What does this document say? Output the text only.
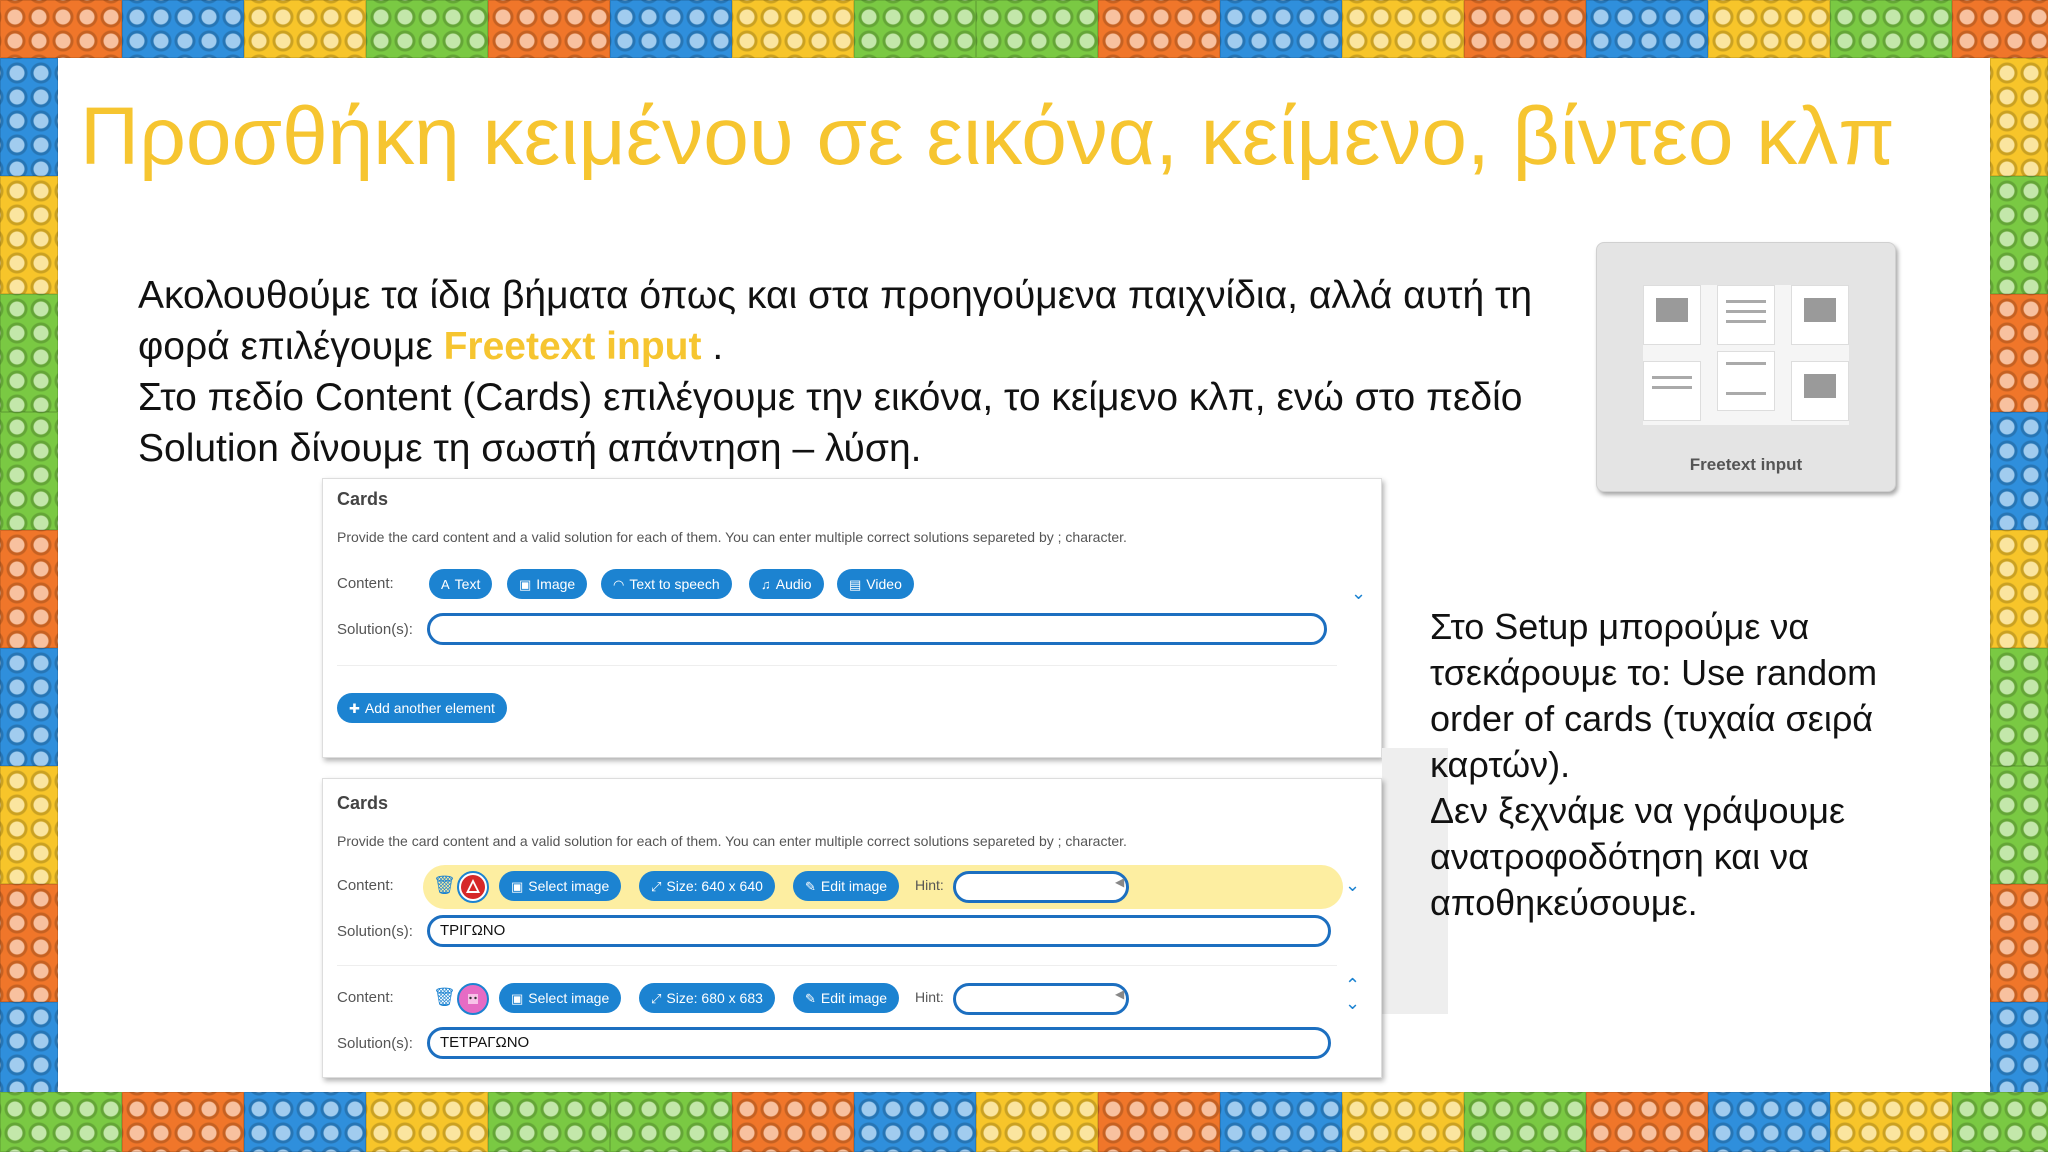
Προσθήκη κειμένου σε εικόνα, κείμενο, βίντεο κλπ

Ακολουθούμε τα ίδια βήματα όπως και στα προηγούμενα παιχνίδια, αλλά αυτή τη φορά επιλέγουμε Freetext input .

Στο πεδίο Content (Cards) επιλέγουμε την εικόνα, το κείμενο κλπ, ενώ στο πεδίο Solution δίνουμε τη σωστή απάντηση – λύση.	Freetext input
Cards
Provide the card content and a valid solution for each of them. You can enter multiple correct solutions separeted by ; character.
Content:	A Text	▣ Image	◠ Text to speech	♫ Audio	▤ Video	⌄
Solution(s):
✚ Add another element
Cards
Provide the card content and a valid solution for each of them. You can enter multiple correct solutions separeted by ; character.
Content: 🗑	▣ Select image	⤢ Size: 640 x 640	✎ Edit image	Hint:	◀	⌄
Solution(s):	ΤΡΙΓΩΝΟ
Content: 🗑	▣ Select image	⤢ Size: 680 x 683	✎ Edit image	Hint:	◀	⌃
⌄
Solution(s):	ΤΕΤΡΑΓΩΝΟ

Στο Setup μπορούμε να τσεκάρουμε το: Use random order of cards (τυχαία σειρά καρτών).

Δεν ξεχνάμε να γράψουμε ανατροφοδότηση και να αποθηκεύσουμε.
